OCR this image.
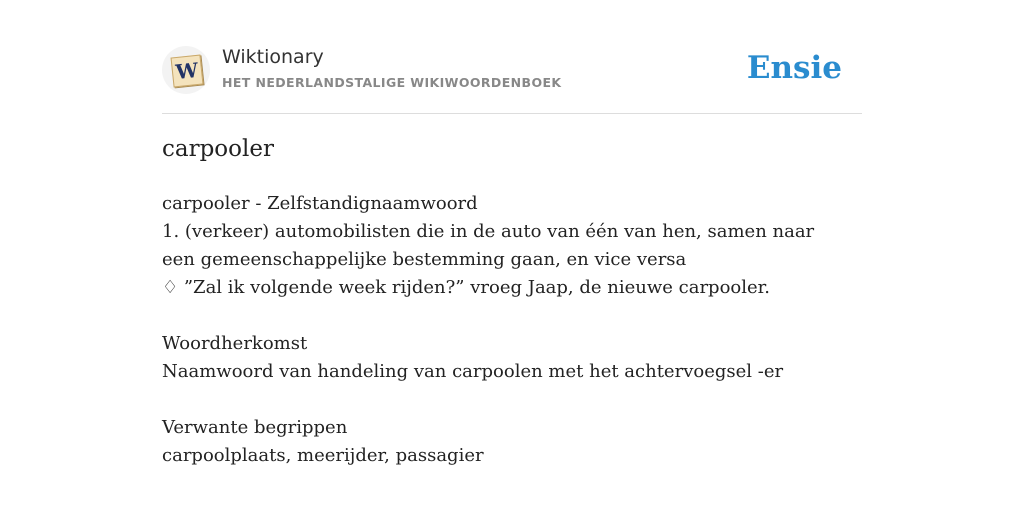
W
Wiktionary
HET NEDERLANDSTALIGE WIKIWOORDENBOEK	Ensie
carpooler
carpooler - Zelfstandignaamwoord
1. (verkeer) automobilisten die in de auto van één van hen, samen naar een gemeenschappelijke bestemming gaan, en vice versa
♢ ”Zal ik volgende week rijden?” vroeg Jaap, de nieuwe carpooler.
Woordherkomst
Naamwoord van handeling van carpoolen met het achtervoegsel -er
Verwante begrippen
carpoolplaats, meerijder, passagier
